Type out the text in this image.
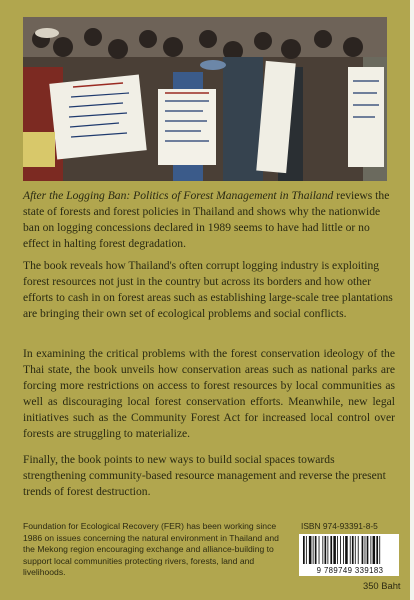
After the Logging Ban: Politics of Forest Management in Thailand reviews the state of forests and forest policies in Thailand and shows why the nationwide ban on logging concessions declared in 1989 seems to have had little or no effect in halting forest degradation.

The book reveals how Thailand's often corrupt logging industry is exploiting forest resources not just in the country but across its borders and how other efforts to cash in on forest areas such as establishing large-scale tree plantations are bringing their own set of ecological problems and social conflicts.

In examining the critical problems with the forest conservation ideology of the Thai state, the book unveils how conservation areas such as national parks are forcing more restrictions on access to forest resources by local communities as well as discouraging local forest conservation efforts. Meanwhile, new legal initiatives such as the Community Forest Act for increased local control over forests are struggling to materialize.

Finally, the book points to new ways to build social spaces towards strengthening community-based resource management and reverse the present trends of forest destruction.

Foundation for Ecological Recovery (FER) has been working since 1986 on issues concerning the natural environment in Thailand and the Mekong region encouraging exchange and alliance-building to support local communities protecting rivers, forests, land and livelihoods.
ISBN 974-93391-8-5
9 789749 339183
350 Baht
